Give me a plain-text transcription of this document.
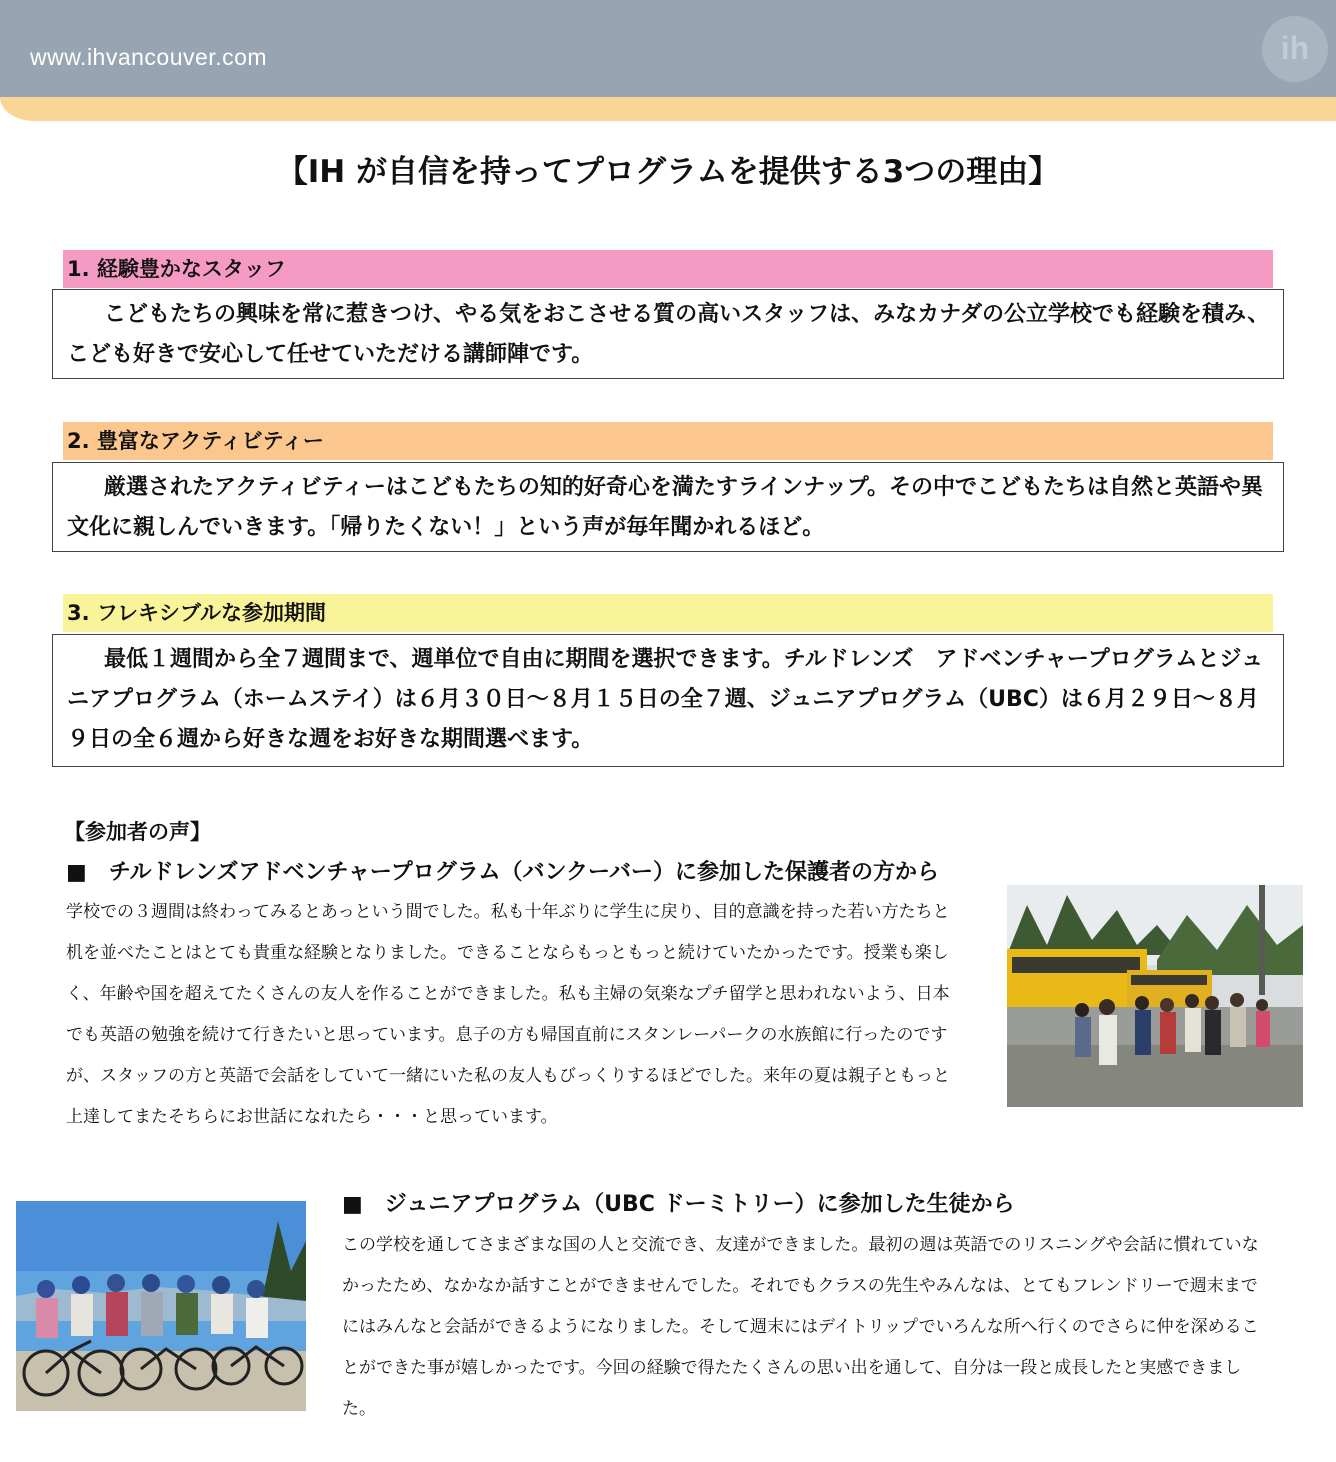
www.ihvancouver.com	ih
【IH が自信を持ってプログラムを提供する3つの理由】
1. 経験豊かなスタッフ
こどもたちの興味を常に惹きつけ、やる気をおこさせる質の高いスタッフは、みなカナダの公立学校でも経験を積み、こども好きで安心して任せていただける講師陣です。
2. 豊富なアクティビティー
厳選されたアクティビティーはこどもたちの知的好奇心を満たすラインナップ。その中でこどもたちは自然と英語や異文化に親しんでいきます。「帰りたくない！」という声が毎年聞かれるほど。
3. フレキシブルな参加期間
最低１週間から全７週間まで、週単位で自由に期間を選択できます。チルドレンズ　アドベンチャープログラムとジュニアプログラム（ホームステイ）は６月３０日～８月１５日の全７週、ジュニアプログラム（UBC）は６月２９日～８月９日の全６週から好きな週をお好きな期間選べます。
【参加者の声】
■　チルドレンズアドベンチャープログラム（バンクーバー）に参加した保護者の方から
学校での３週間は終わってみるとあっという間でした。私も十年ぶりに学生に戻り、目的意識を持った若い方たちと机を並べたことはとても貴重な経験となりました。できることならもっともっと続けていたかったです。授業も楽しく、年齢や国を超えてたくさんの友人を作ることができました。私も主婦の気楽なプチ留学と思われないよう、日本でも英語の勉強を続けて行きたいと思っています。息子の方も帰国直前にスタンレーパークの水族館に行ったのですが、スタッフの方と英語で会話をしていて一緒にいた私の友人もびっくりするほどでした。来年の夏は親子ともっと上達してまたそちらにお世話になれたら・・・と思っています。
■　ジュニアプログラム（UBC ドーミトリー）に参加した生徒から
この学校を通してさまざまな国の人と交流でき、友達ができました。最初の週は英語でのリスニングや会話に慣れていなかったため、なかなか話すことができませんでした。それでもクラスの先生やみんなは、とてもフレンドリーで週末までにはみんなと会話ができるようになりました。そして週末にはデイトリップでいろんな所へ行くのでさらに仲を深めることができた事が嬉しかったです。今回の経験で得たたくさんの思い出を通して、自分は一段と成長したと実感できました。
